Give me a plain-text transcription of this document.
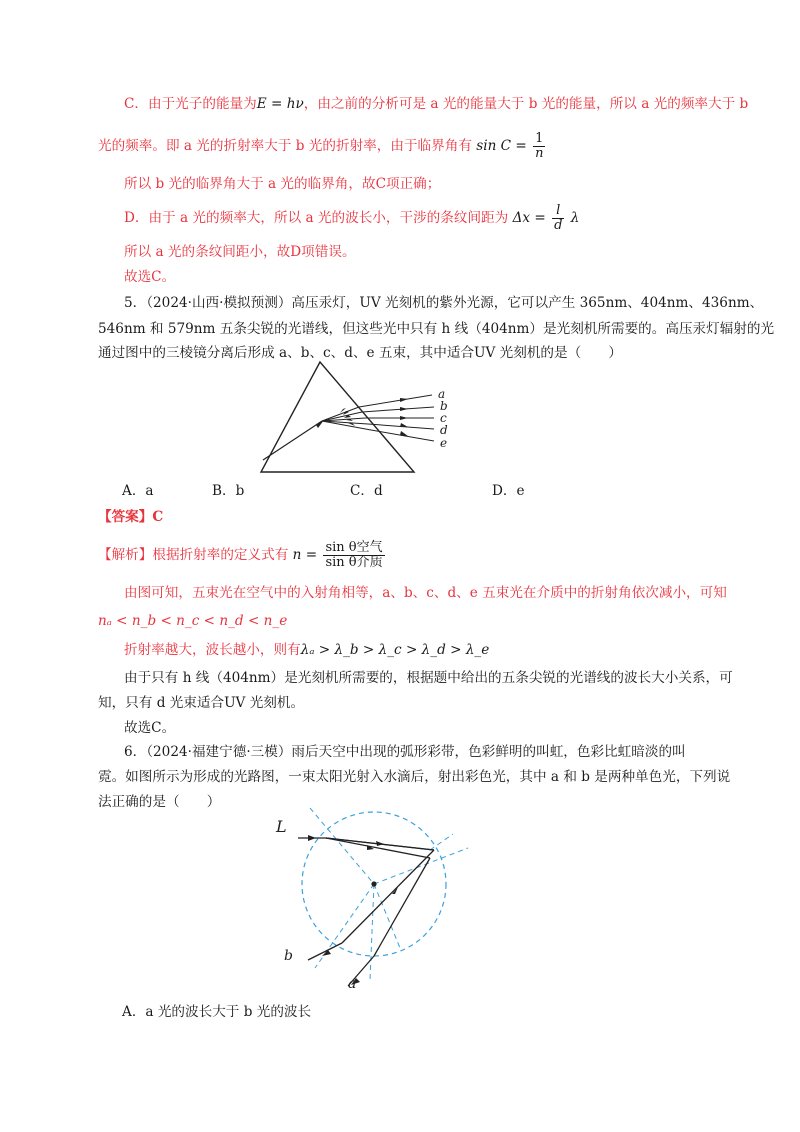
C．由于光子的能量为E = hν，由之前的分析可是 a 光的能量大于 b 光的能量，所以 a 光的频率大于 b
光的频率。即 a 光的折射率大于 b 光的折射率，由于临界角有 $\sin C = \frac{1}{n}$
所以 b 光的临界角大于 a 光的临界角，故C项正确；
D．由于 a 光的频率大，所以 a 光的波长小，干涉的条纹间距为 $\Delta x = \frac{l}{d}$ λ
所以 a 光的条纹间距小，故D项错误。
故选C。
5．（2024·山西·模拟预测）高压汞灯，UV 光刻机的紫外光源，它可以产生 365nm、404nm、436nm、
546nm 和 579nm 五条尖锐的光谱线，但这些光中只有 h 线（404nm）是光刻机所需要的。高压汞灯辐射的光
通过图中的三棱镜分离后形成 a、b、c、d、e 五束，其中适合UV 光刻机的是（　　）
a
b
c
d
e
A．a	B．b	C．d	D．e
【答案】C
【解析】根据折射率的定义式有 $n = \frac{\text{sin θ空气}}{\text{sin θ介质}}$
由图可知，五束光在空气中的入射角相等，a、b、c、d、e 五束光在介质中的折射角依次减小，可知
nₐ < n_b < n_c < n_d < n_e
折射率越大，波长越小，则有λₐ > λ_b > λ_c > λ_d > λ_e
由于只有 h 线（404nm）是光刻机所需要的，根据题中给出的五条尖锐的光谱线的波长大小关系，可
知，只有 d 光束适合UV 光刻机。
故选C。
6．（2024·福建宁德·三模）雨后天空中出现的弧形彩带，色彩鲜明的叫虹，色彩比虹暗淡的叫
霓。如图所示为形成的光路图，一束太阳光射入水滴后，射出彩色光，其中 a 和 b 是两种单色光，下列说
法正确的是（　　）
L
b
a
A．a 光的波长大于 b 光的波长
